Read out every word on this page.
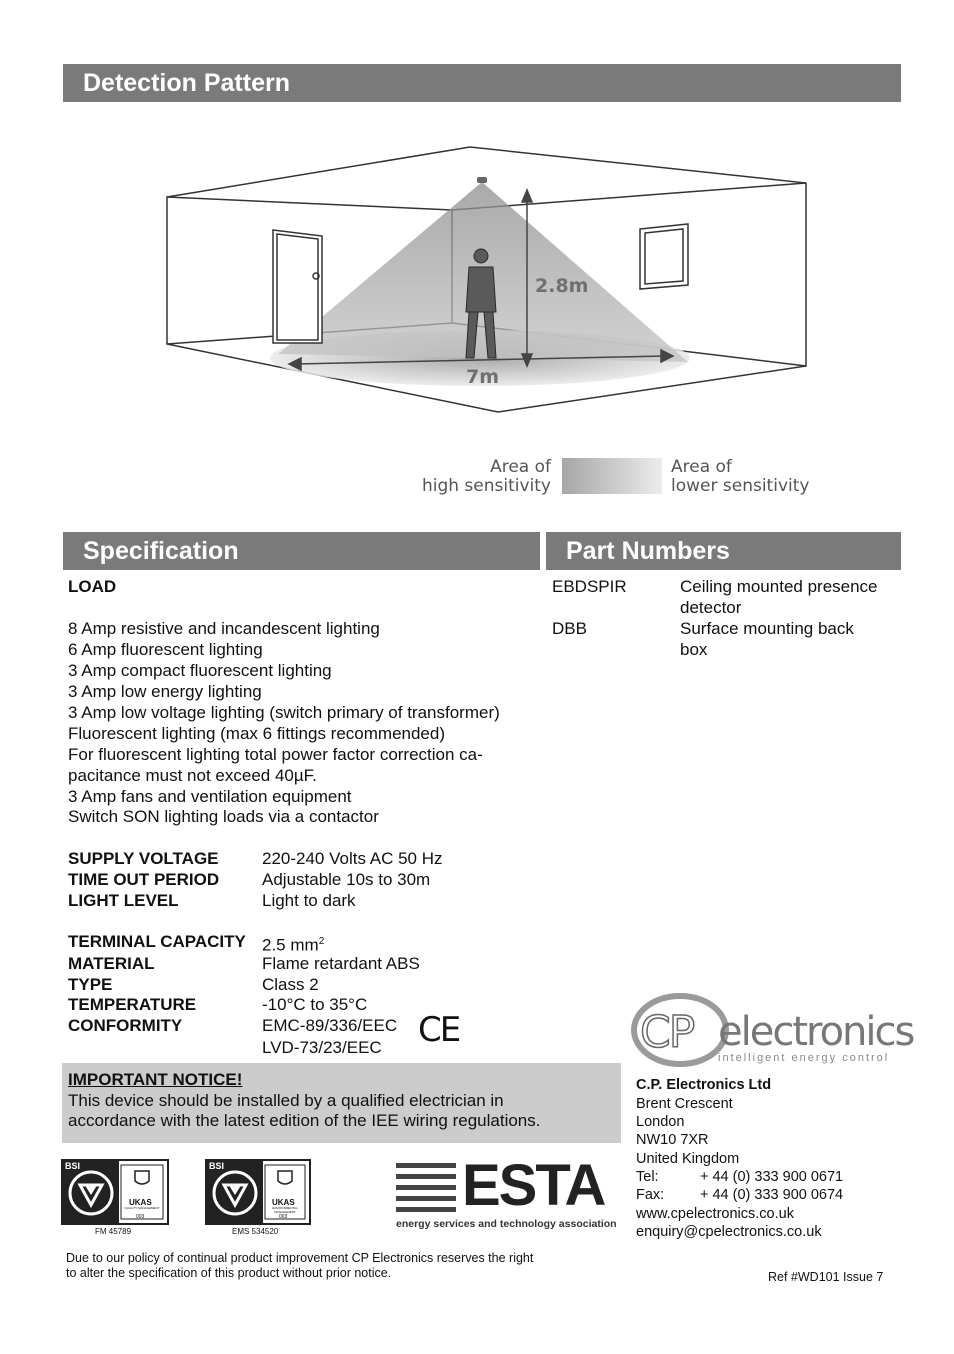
Detection Pattern
2.8m
7m
Area of
high sensitivity
Area of
lower sensitivity
Specification	Part Numbers
LOAD
8 Amp resistive and incandescent lighting
6 Amp fluorescent lighting
3 Amp compact fluorescent lighting
3 Amp low energy lighting
3 Amp low voltage lighting (switch primary of transformer)
Fluorescent lighting (max 6 fittings recommended)
For fluorescent lighting total power factor correction ca-
pacitance must not exceed 40µF.
3 Amp fans and ventilation equipment
Switch SON lighting loads via a contactor
SUPPLY VOLTAGE	220-240 Volts AC 50 Hz
TIME OUT PERIOD	Adjustable 10s to 30m
LIGHT LEVEL	Light to dark
TERMINAL CAPACITY 2.5 $mm^2$
MATERIAL	Flame retardant ABS
TYPE	Class 2
TEMPERATURE	-10°C to 35°C
CONFORMITY	EMC-89/336/EEC
LVD-73/23/EEC CE
EBDSPIR	Ceiling mounted presence
detector
DBB	Surface mounting back
box
IMPORTANT NOTICE!
This device should be installed by a qualified electrician in
accordance with the latest edition of the IEE wiring regulations.
BSI
UKAS
QUALITY MANAGEMENT
003
FM 45789
BSI
UKAS
ENVIRONMENTAL MANAGEMENT
003
EMS 534520
ESTA
energy services and technology association
CP electronics
intelligent energy control
C.P. Electronics Ltd
Brent Crescent
London
NW10 7XR
United Kingdom
Tel:	+ 44 (0) 333 900 0671
Fax: + 44 (0) 333 900 0674
www.cpelectronics.co.uk
enquiry@cpelectronics.co.uk
Due to our policy of continual product improvement CP Electronics reserves the right
to alter the specification of this product without prior notice.	Ref #WD101 Issue 7
